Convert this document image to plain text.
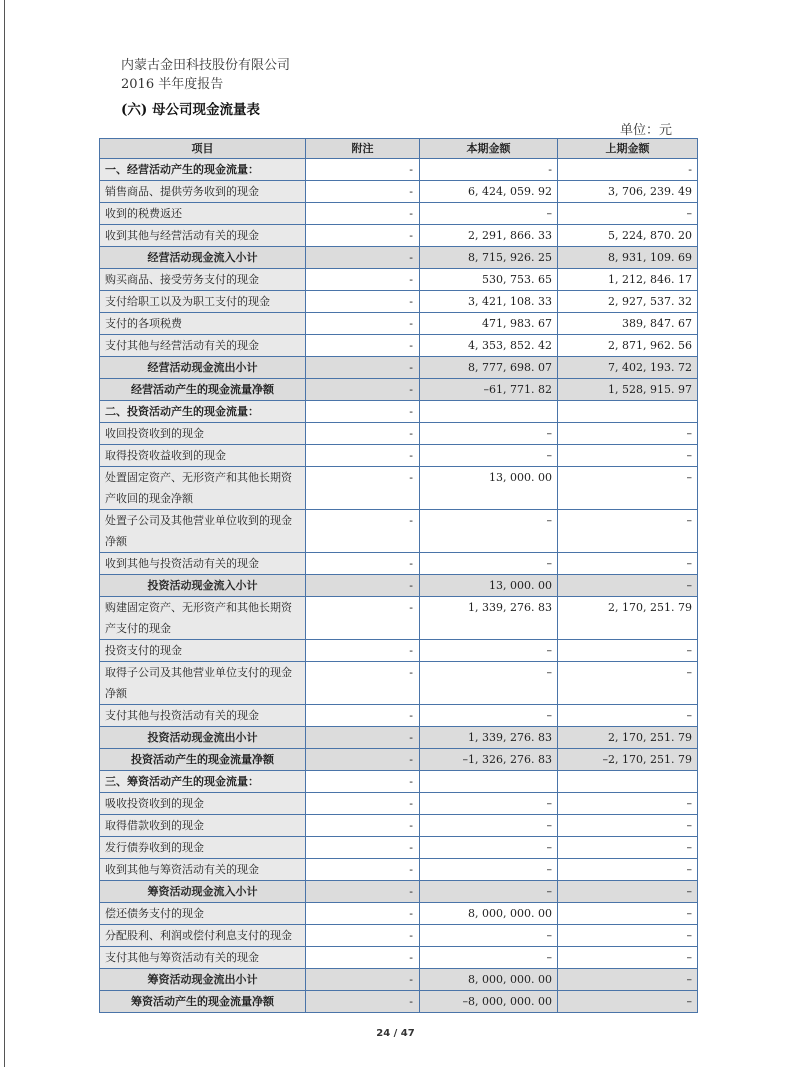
内蒙古金田科技股份有限公司
2016 半年度报告
(六) 母公司现金流量表
单位：元
项目	附注	本期金额	上期金额
一、经营活动产生的现金流量：	-	-	-
销售商品、提供劳务收到的现金	-	6, 424, 059. 92	3, 706, 239. 49
收到的税费返还	-	–	–
收到其他与经营活动有关的现金	-	2, 291, 866. 33	5, 224, 870. 20
经营活动现金流入小计	-	8, 715, 926. 25	8, 931, 109. 69
购买商品、接受劳务支付的现金	-	530, 753. 65	1, 212, 846. 17
支付给职工以及为职工支付的现金	-	3, 421, 108. 33	2, 927, 537. 32
支付的各项税费	-	471, 983. 67	389, 847. 67
支付其他与经营活动有关的现金	-	4, 353, 852. 42	2, 871, 962. 56
经营活动现金流出小计	-	8, 777, 698. 07	7, 402, 193. 72
经营活动产生的现金流量净额	-	–61, 771. 82	1, 528, 915. 97
二、投资活动产生的现金流量：	-		
收回投资收到的现金	-	–	–
取得投资收益收到的现金	-	–	–
处置固定资产、无形资产和其他长期资产收回的现金净额	-	13, 000. 00	–
处置子公司及其他营业单位收到的现金净额	-	–	–
收到其他与投资活动有关的现金	-	–	–
投资活动现金流入小计	-	13, 000. 00	–
购建固定资产、无形资产和其他长期资产支付的现金	-	1, 339, 276. 83	2, 170, 251. 79
投资支付的现金	-	–	–
取得子公司及其他营业单位支付的现金净额	-	–	–
支付其他与投资活动有关的现金	-	–	–
投资活动现金流出小计	-	1, 339, 276. 83	2, 170, 251. 79
投资活动产生的现金流量净额	-	–1, 326, 276. 83	–2, 170, 251. 79
三、筹资活动产生的现金流量：	-		
吸收投资收到的现金	-	–	–
取得借款收到的现金	-	–	–
发行债券收到的现金	-	–	–
收到其他与筹资活动有关的现金	-	–	–
筹资活动现金流入小计	-	–	–
偿还债务支付的现金	-	8, 000, 000. 00	–
分配股利、利润或偿付利息支付的现金	-	–	–
支付其他与筹资活动有关的现金	-	–	–
筹资活动现金流出小计	-	8, 000, 000. 00	–
筹资活动产生的现金流量净额	-	–8, 000, 000. 00	–
24 / 47
